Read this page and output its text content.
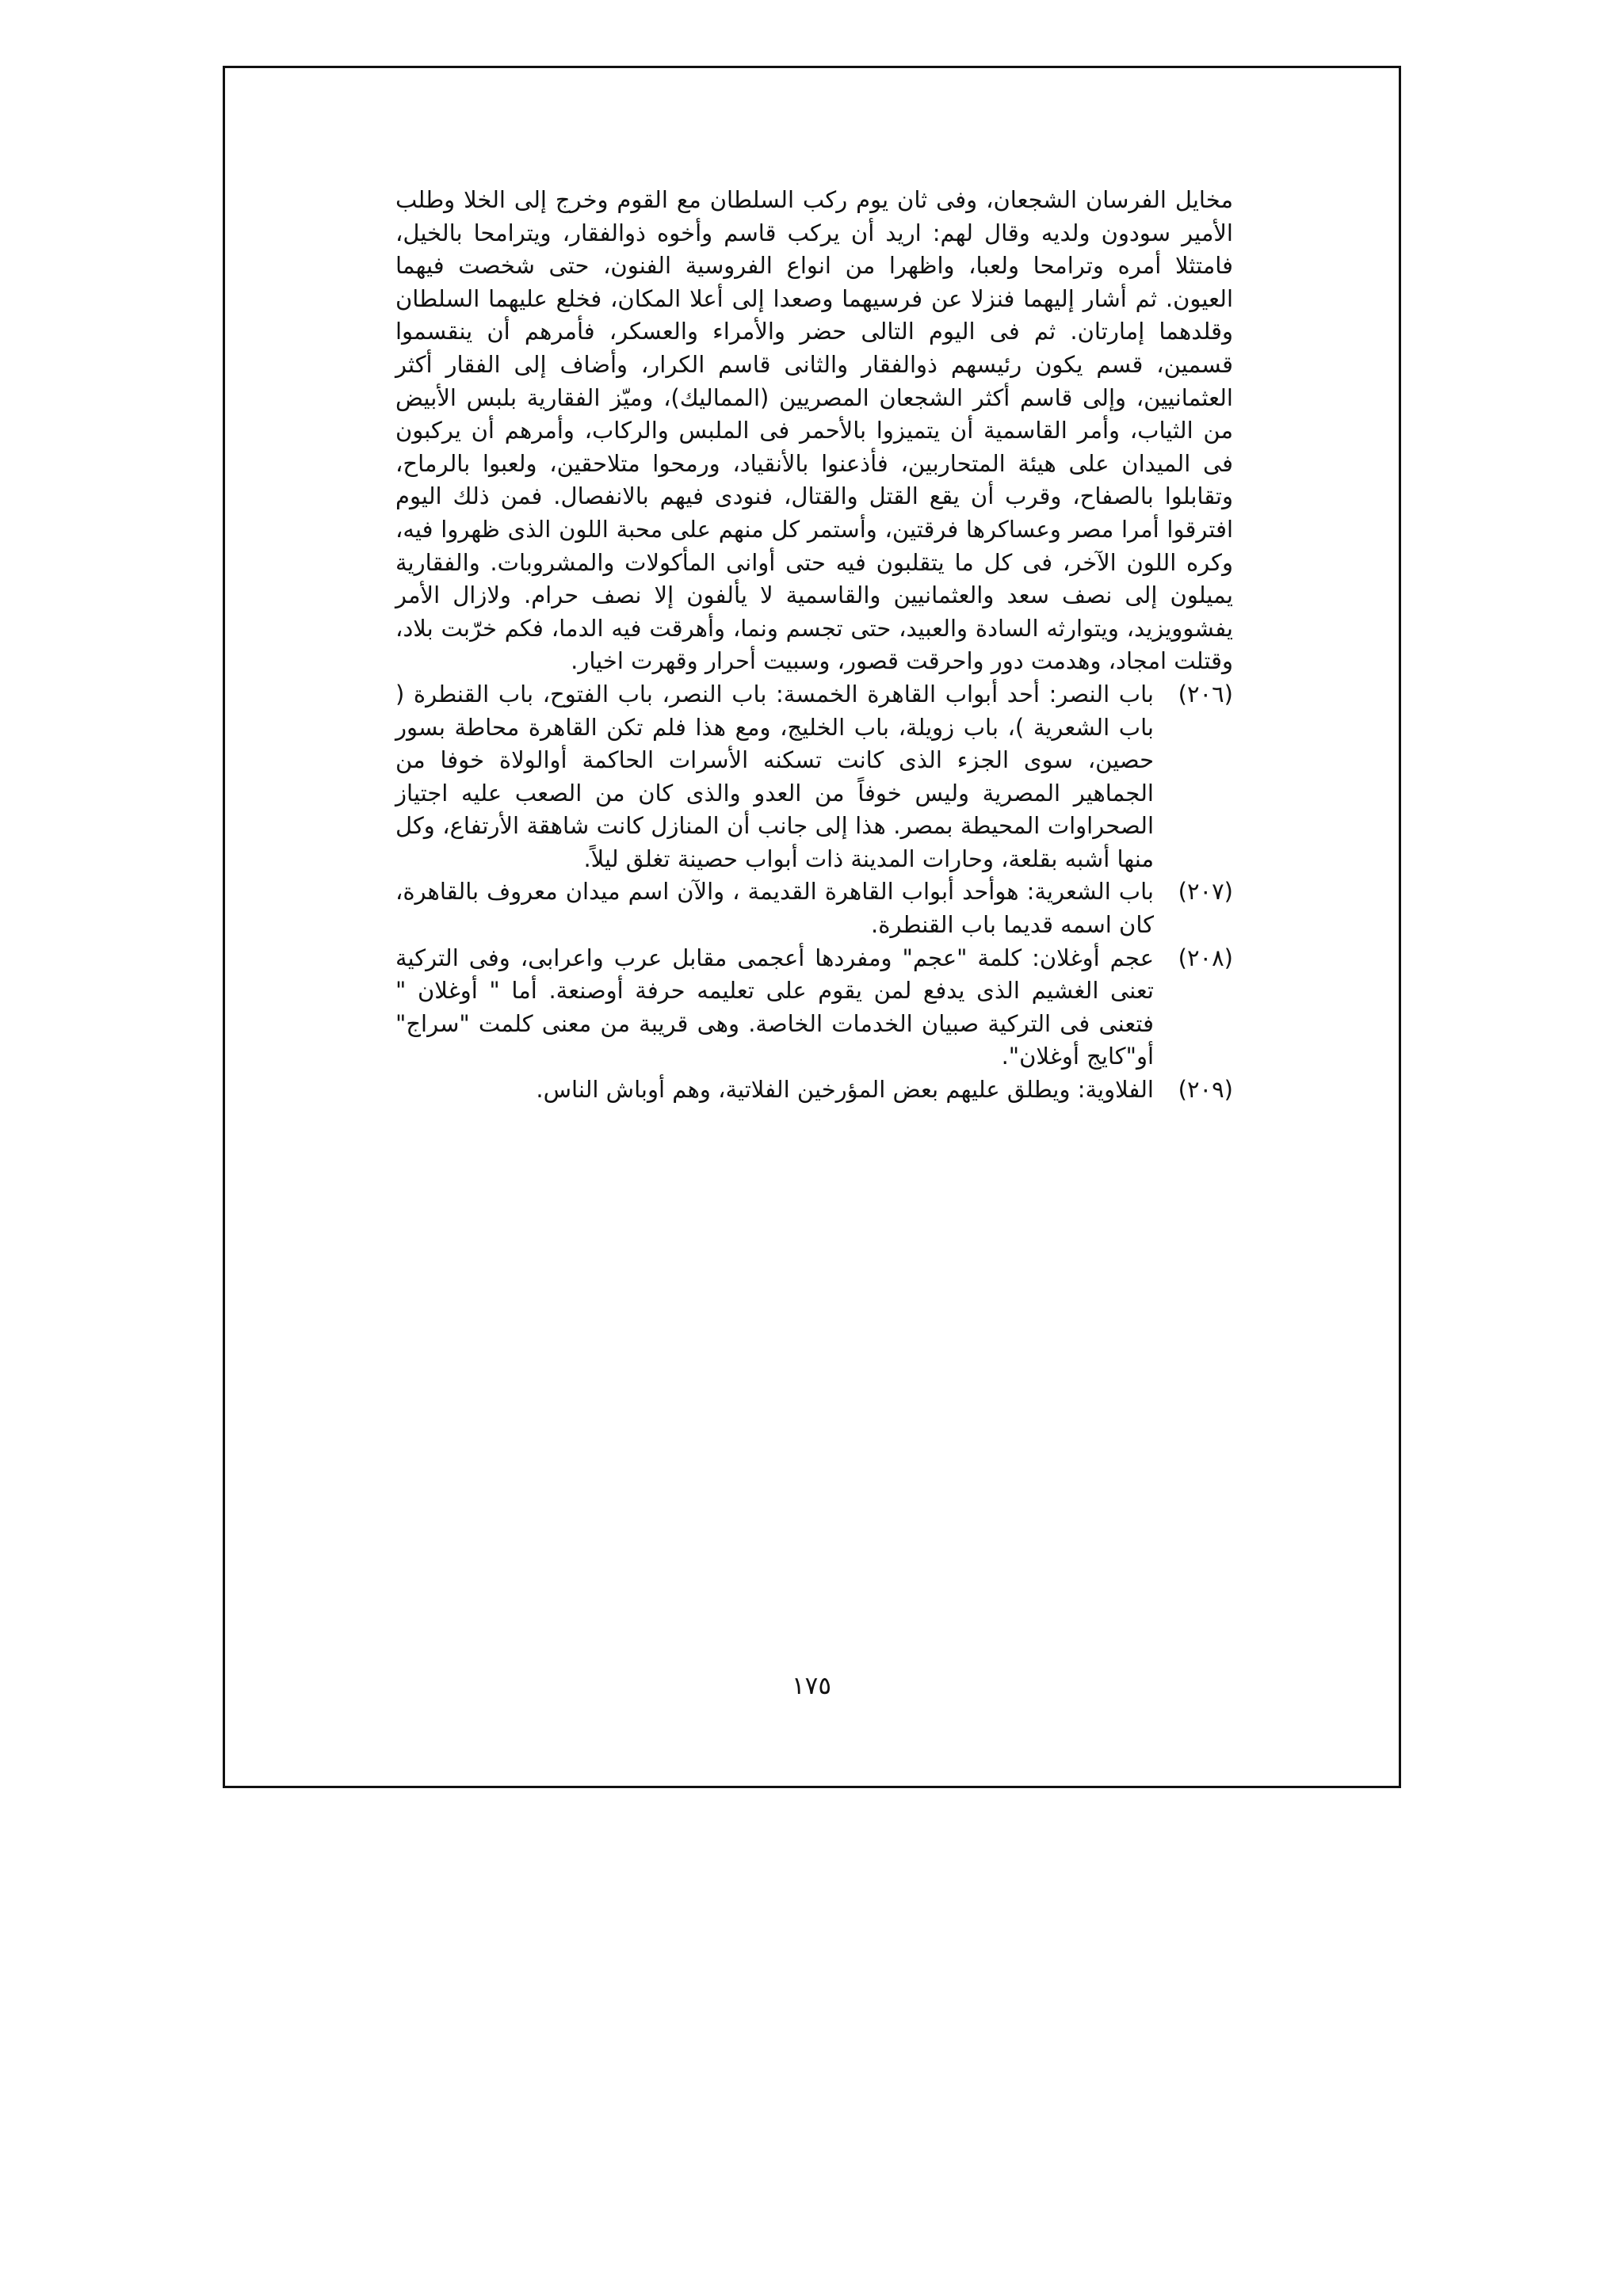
مخايل الفرسان الشجعان، وفى ثان يوم ركب السلطان مع القوم وخرج إلى الخلا وطلب الأمير سودون ولديه وقال لهم: اريد أن يركب قاسم وأخوه ذوالفقار، ويترامحا بالخيل، فامتثلا أمره وترامحا ولعبا، واظهرا من انواع الفروسية الفنون، حتى شخصت فيهما العيون. ثم أشار إليهما فنزلا عن فرسيهما وصعدا إلى أعلا المكان، فخلع عليهما السلطان وقلدهما إمارتان. ثم فى اليوم التالى حضر والأمراء والعسكر، فأمرهم أن ينقسموا قسمين، قسم يكون رئيسهم ذوالفقار والثانى قاسم الكرار، وأضاف إلى الفقار أكثر العثمانيين، وإلى قاسم أكثر الشجعان المصريين (المماليك)، وميّز الفقارية بلبس الأبيض من الثياب، وأمر القاسمية أن يتميزوا بالأحمر فى الملبس والركاب، وأمرهم أن يركبون فى الميدان على هيئة المتحاربين، فأذعنوا بالأنقياد، ورمحوا متلاحقين، ولعبوا بالرماح، وتقابلوا بالصفاح، وقرب أن يقع القتل والقتال، فنودى فيهم بالانفصال. فمن ذلك اليوم افترقوا أمرا مصر وعساكرها فرقتين، وأستمر كل منهم على محبة اللون الذى ظهروا فيه، وكره اللون الآخر، فى كل ما يتقلبون فيه حتى أوانى المأكولات والمشروبات. والفقارية يميلون إلى نصف سعد والعثمانيين والقاسمية لا يألفون إلا نصف حرام. ولازال الأمر يفشوويزيد، ويتوارثه السادة والعبيد، حتى تجسم ونما، وأهرقت فيه الدما، فكم خرّبت بلاد، وقتلت امجاد، وهدمت دور واحرقت قصور، وسبيت أحرار وقهرت اخيار.

(٢٠٦)
باب النصر: أحد أبواب القاهرة الخمسة: باب النصر، باب الفتوح، باب القنطرة ( باب الشعرية )، باب زويلة، باب الخليج، ومع هذا فلم تكن القاهرة محاطة بسور حصين، سوى الجزء الذى كانت تسكنه الأسرات الحاكمة أوالولاة خوفا من الجماهير المصرية وليس خوفاً من العدو والذى كان من الصعب عليه اجتياز الصحراوات المحيطة بمصر. هذا إلى جانب أن المنازل كانت شاهقة الأرتفاع، وكل منها أشبه بقلعة، وحارات المدينة ذات أبواب حصينة تغلق ليلاً.
(٢٠٧)
باب الشعرية: هوأحد أبواب القاهرة القديمة ، والآن اسم ميدان معروف بالقاهرة، كان اسمه قديما باب القنطرة.
(٢٠٨)
عجم أوغلان: كلمة "عجم" ومفردها أعجمى مقابل عرب واعرابى، وفى التركية تعنى الغشيم الذى يدفع لمن يقوم على تعليمه حرفة أوصنعة. أما " أوغلان " فتعنى فى التركية صبيان الخدمات الخاصة. وهى قريبة من معنى كلمت "سراج" أو"كايج أوغلان".
(٢٠٩)
الفلاوية: ويطلق عليهم بعض المؤرخين الفلاتية، وهم أوباش الناس.
١٧٥
